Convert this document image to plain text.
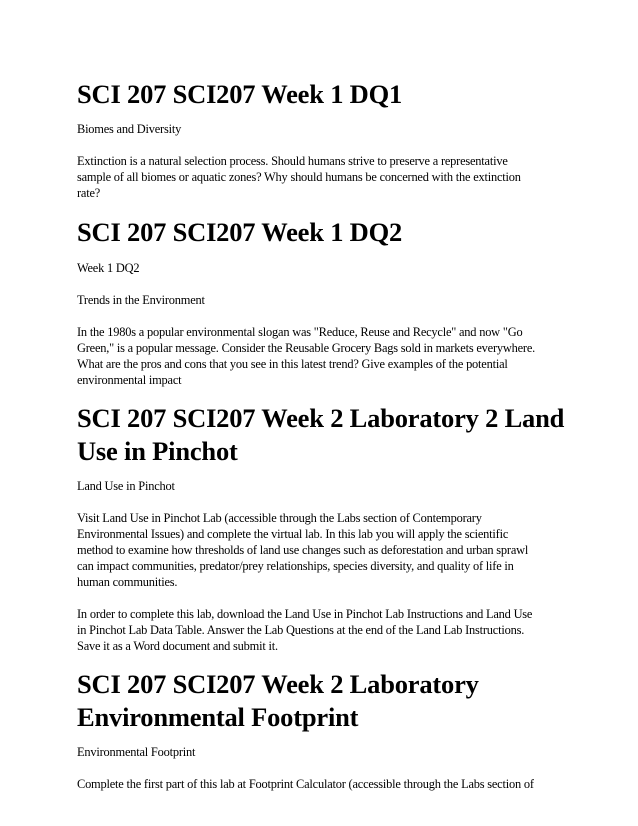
SCI 207 SCI207 Week 1 DQ1

Biomes and Diversity

Extinction is a natural selection process. Should humans strive to preserve a representative
sample of all biomes or aquatic zones? Why should humans be concerned with the extinction
rate?

SCI 207 SCI207 Week 1 DQ2

Week 1 DQ2

Trends in the Environment

In the 1980s a popular environmental slogan was "Reduce, Reuse and Recycle" and now "Go
Green," is a popular message. Consider the Reusable Grocery Bags sold in markets everywhere.
What are the pros and cons that you see in this latest trend? Give examples of the potential
environmental impact

SCI 207 SCI207 Week 2 Laboratory 2 Land
Use in Pinchot

Land Use in Pinchot

Visit Land Use in Pinchot Lab (accessible through the Labs section of Contemporary
Environmental Issues) and complete the virtual lab. In this lab you will apply the scientific
method to examine how thresholds of land use changes such as deforestation and urban sprawl
can impact communities, predator/prey relationships, species diversity, and quality of life in
human communities.

In order to complete this lab, download the Land Use in Pinchot Lab Instructions and Land Use
in Pinchot Lab Data Table. Answer the Lab Questions at the end of the Land Lab Instructions.
Save it as a Word document and submit it.

SCI 207 SCI207 Week 2 Laboratory
Environmental Footprint

Environmental Footprint

Complete the first part of this lab at Footprint Calculator (accessible through the Labs section of
